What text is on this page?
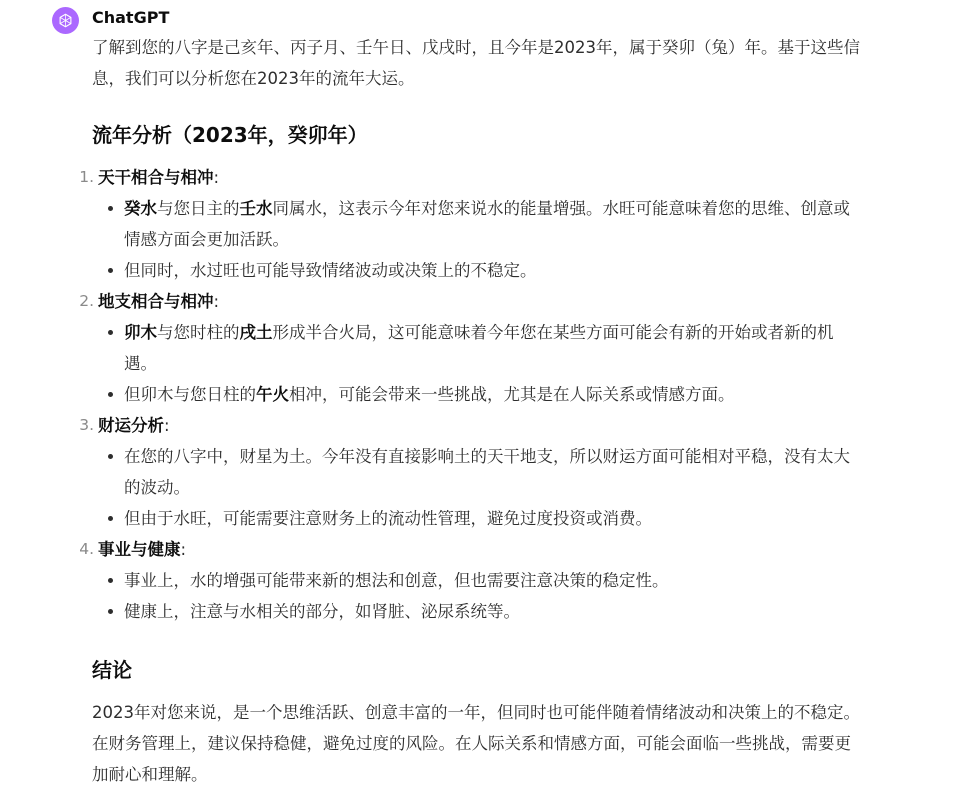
ChatGPT

了解到您的八字是己亥年、丙子月、壬午日、戊戌时，且今年是2023年，属于癸卯（兔）年。基于这些信息，我们可以分析您在2023年的流年大运。

流年分析（2023年，癸卯年）
1. 天干相合与相冲:
癸水与您日主的壬水同属水，这表示今年对您来说水的能量增强。水旺可能意味着您的思维、创意或情感方面会更加活跃。
但同时，水过旺也可能导致情绪波动或决策上的不稳定。
2. 地支相合与相冲:
卯木与您时柱的戌土形成半合火局，这可能意味着今年您在某些方面可能会有新的开始或者新的机遇。
但卯木与您日柱的午火相冲，可能会带来一些挑战，尤其是在人际关系或情感方面。
3. 财运分析:
在您的八字中，财星为土。今年没有直接影响土的天干地支，所以财运方面可能相对平稳，没有太大的波动。
但由于水旺，可能需要注意财务上的流动性管理，避免过度投资或消费。
4. 事业与健康:
事业上，水的增强可能带来新的想法和创意，但也需要注意决策的稳定性。
健康上，注意与水相关的部分，如肾脏、泌尿系统等。
结论

2023年对您来说，是一个思维活跃、创意丰富的一年，但同时也可能伴随着情绪波动和决策上的不稳定。在财务管理上，建议保持稳健，避免过度的风险。在人际关系和情感方面，可能会面临一些挑战，需要更加耐心和理解。
